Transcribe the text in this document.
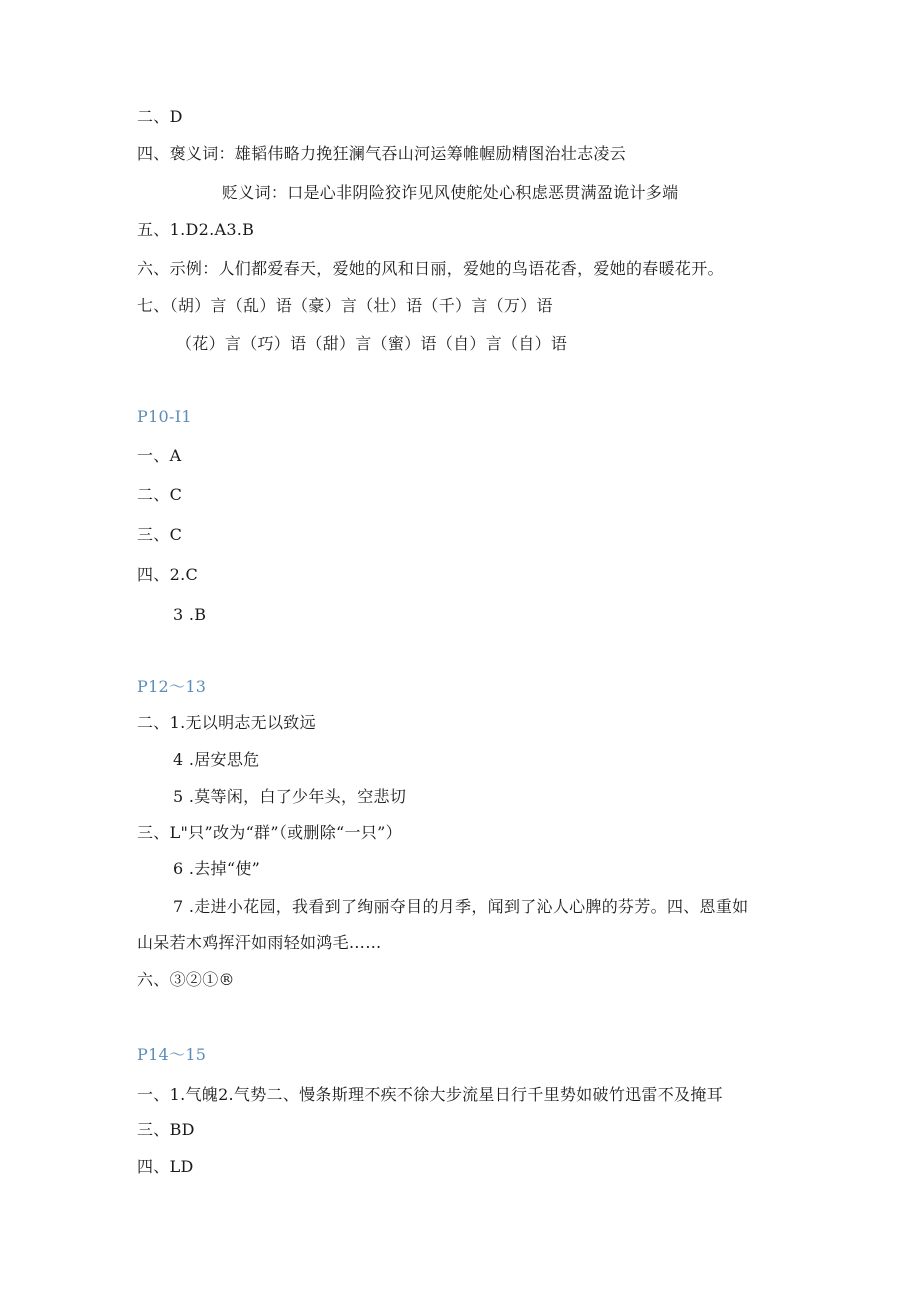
二、D
四、褒义词：雄韬伟略力挽狂澜气吞山河运筹帷幄励精图治壮志凌云
贬义词：口是心非阴险狡诈见风使舵处心积虑恶贯满盈诡计多端
五、1.D2.A3.B
六、示例：人们都爱春天，爱她的风和日丽，爱她的鸟语花香，爱她的春暖花开。
七、（胡）言（乱）语（豪）言（壮）语（千）言（万）语
（花）言（巧）语（甜）言（蜜）语（自）言（自）语
P10-I1
一、A
二、C
三、C
四、2.C
3 .B
P12～13
二、1.无以明志无以致远
4 .居安思危
5 .莫等闲，白了少年头，空悲切
三、L"只”改为“群”（或删除“一只”）
6 .去掉“使”
7 .走进小花园，我看到了绚丽夺目的月季，闻到了沁人心脾的芬芳。四、恩重如
山呆若木鸡挥汗如雨轻如鸿毛……
六、③②①®
P14～15
一、1.气魄2.气势二、慢条斯理不疾不徐大步流星日行千里势如破竹迅雷不及掩耳
三、BD
四、LD
